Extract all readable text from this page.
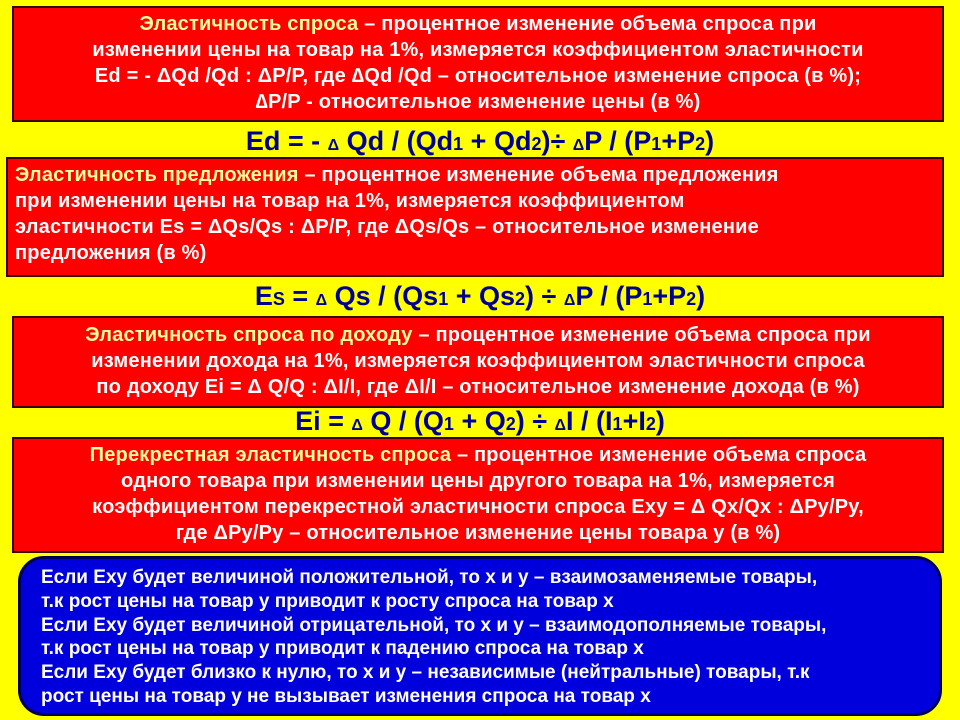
Эластичность спроса – процентное изменение объема спроса при
изменении цены на товар на 1%, измеряется коэффициентом эластичности
Ed = - ΔQd /Qd : ΔP/P, где ∆Qd /Qd – относительное изменение спроса (в %);
∆P/P - относительное изменение цены (в %)
Ed = - Δ Qd / (Qd1 + Qd2)÷ ΔP / (P1+P2)
Эластичность предложения – процентное изменение объема предложения
при изменении цены на товар на 1%, измеряется коэффициентом
эластичности Es = ΔQs/Qs : ΔP/P, где ΔQs/Qs – относительное изменение
предложения (в %)
ES = Δ Qs / (Qs1 + Qs2) ÷ ΔP / (P1+P2)
Эластичность спроса по доходу – процентное изменение объема спроса при
изменении дохода на 1%, измеряется коэффициентом эластичности спроса
по доходу Ei = Δ Q/Q : ΔI/I, где ΔI/I – относительное изменение дохода (в %)
Ei = Δ Q / (Q1 + Q2) ÷ ΔI / (I1+I2)
Перекрестная эластичность спроса – процентное изменение объема спроса
одного товара при изменении цены другого товара на 1%, измеряется
коэффициентом перекрестной эластичности спроса Exy = Δ Qx/Qx : ΔPy/Py,
где ΔPy/Py – относительное изменение цены товара у (в %)
Если Exy будет величиной положительной, то х и у – взаимозаменяемые товары,
т.к рост цены на товар у приводит к росту спроса на товар х
Если Exy будет величиной отрицательной, то х и у – взаимодополняемые товары,
т.к рост цены на товар у приводит к падению спроса на товар х
Если Exy будет близко к нулю, то х и у – независимые (нейтральные) товары, т.к
рост цены на товар у не вызывает изменения спроса на товар х
